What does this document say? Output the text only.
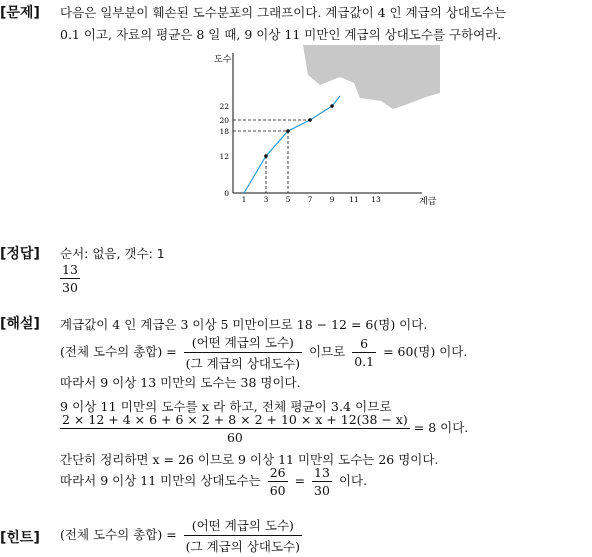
[문제] 다음은 일부분이 훼손된 도수분포의 그래프이다. 계급값이 4 인 계급의 상대도수는
0.1 이고, 자료의 평균은 8 일 때, 9 이상 11 미만인 계급의 상대도수를 구하여라.
1 3 5 7 9 11 13
0
12
18
20
22
도수
계급
[정답] 순서: 없음, 갯수: 1
$\frac{13}{30}$
[해설] 계급값이 4 인 계급은 3 이상 5 미만이므로 18 − 12 = 6(명) 이다.
(전체 도수의 총합) = $\frac{\text{(어떤 계급의 도수)}}{\text{(그 계급의 상대도수)}}$ 이므로 $\frac{6}{0.1} = 60$(명) 이다.
따라서 9 이상 13 미만의 도수는 38 명이다.
9 이상 11 미만의 도수를 x 라 하고, 전체 평균이 3.4 이므로
$\frac{2 \times 12 + 4 \times 6 + 6 \times 2 + 8 \times 2 + 10 \times x + 12(38 - x)}{60} = 8$ 이다.
간단히 정리하면 x = 26 이므로 9 이상 11 미만의 도수는 26 명이다.
따라서 9 이상 11 미만의 상대도수는 $\frac{26}{60} = \frac{13}{30}$ 이다.
[힌트] (전체 도수의 총합) = $\frac{\text{(어떤 계급의 도수)}}{\text{(그 계급의 상대도수)}}$
